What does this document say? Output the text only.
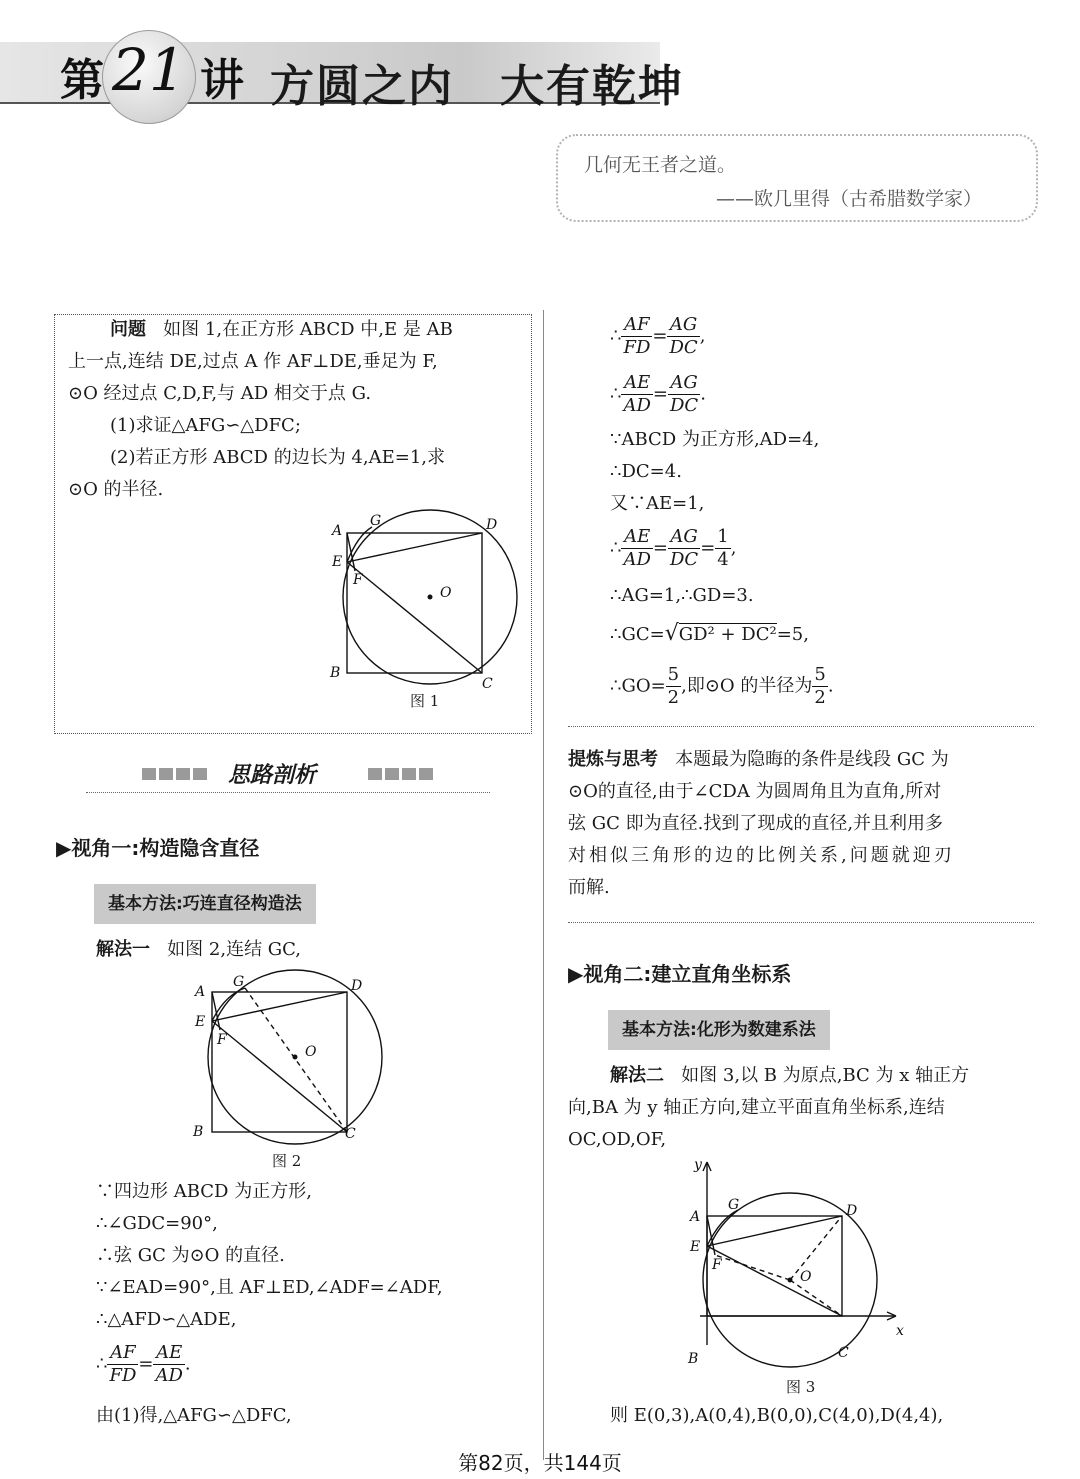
第 21 讲 方圆之内　大有乾坤
几何无王者之道。
——欧几里得（古希腊数学家）
问题 如图 1,在正方形 ABCD 中,E 是 AB
上一点,连结 DE,过点 A 作 AF⊥DE,垂足为 F,
⊙O 经过点 C,D,F,与 AD 相交于点 G.
(1)求证△AFG∽△DFC;
(2)若正方形 ABCD 的边长为 4,AE=1,求
⊙O 的半径.
A
G	D
E
F
O
B
C
图 1
思路剖析
▶视角一:构造隐含直径
基本方法:巧连直径构造法
解法一 如图 2,连结 GC,
A
G	D
E
F
O
B	C
图 2
∵四边形 ABCD 为正方形,
∴∠GDC=90°,
∴弦 GC 为⊙O 的直径.
∵∠EAD=90°,且 AF⊥ED,∠ADF=∠ADF,
∴△AFD∽△ADE,
∴ $\frac{AF}{FD} = \frac{AE}{AD}$ .
由(1)得,△AFG∽△DFC,
∴ $\frac{AF}{FD} = \frac{AG}{DC}$ ,
∴ $\frac{AE}{AD} = \frac{AG}{DC}$ .
∵ABCD 为正方形,AD=4,
∴DC=4.
又∵AE=1,
∴ $\frac{AE}{AD} = \frac{AG}{DC} = \frac{1}{4}$ ,
∴AG=1,∴GD=3.
∴GC=√GD² + DC²=5,
∴GO= $\frac{5}{2}$ ,即⊙O 的半径为 $\frac{5}{2}$ .
提炼与思考 本题最为隐晦的条件是线段 GC 为
⊙O的直径,由于∠CDA 为圆周角且为直角,所对
弦 GC 即为直径.找到了现成的直径,并且利用多
对相似三角形的边的比例关系,问题就迎刃
而解.
▶视角二:建立直角坐标系
基本方法:化形为数建系法
解法二 如图 3,以 B 为原点,BC 为 x 轴正方
向,BA 为 y 轴正方向,建立平面直角坐标系,连结
OC,OD,OF,
y
A
G	D
E
F
O
B	C
x
图 3
则 E(0,3),A(0,4),B(0,0),C(4,0),D(4,4),
第82页，共144页
